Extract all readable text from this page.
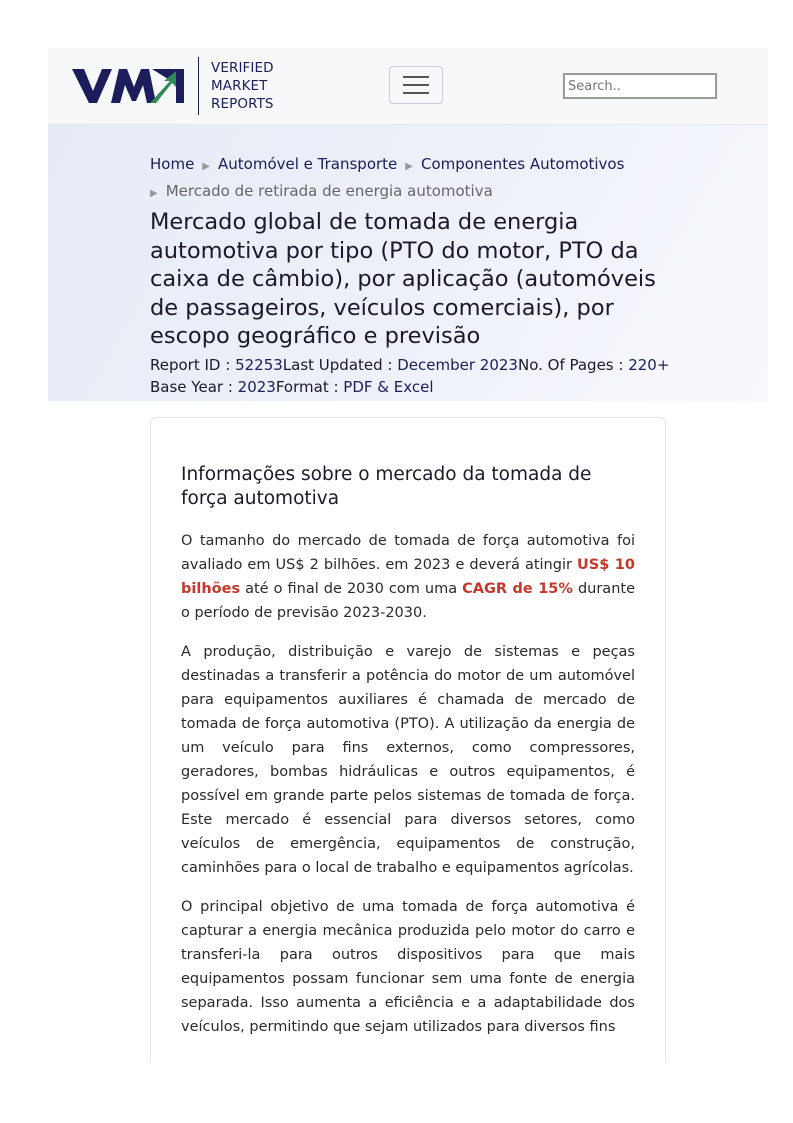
VERIFIED
MARKET
REPORTS
Search..
Home ▶ Automóvel e Transporte ▶ Componentes Automotivos
▶ Mercado de retirada de energia automotiva
Mercado global de tomada de energia automotiva por tipo (PTO do motor, PTO da caixa de câmbio), por aplicação (automóveis de passageiros, veículos comerciais), por escopo geográfico e previsão
Report ID : 52253Last Updated : December 2023No. Of Pages : 220+
Base Year : 2023Format : PDF & Excel
Informações sobre o mercado da tomada de força automotiva

O tamanho do mercado de tomada de força automotiva foi avaliado em US$ 2 bilhões. em 2023 e deverá atingir US$ 10 bilhões até o final de 2030 com uma CAGR de 15% durante o período de previsão 2023-2030.

A produção, distribuição e varejo de sistemas e peças destinadas a transferir a potência do motor de um automóvel para equipamentos auxiliares é chamada de mercado de tomada de força automotiva (PTO). A utilização da energia de um veículo para fins externos, como compressores, geradores, bombas hidráulicas e outros equipamentos, é possível em grande parte pelos sistemas de tomada de força. Este mercado é essencial para diversos setores, como veículos de emergência, equipamentos de construção, caminhões para o local de trabalho e equipamentos agrícolas.

O principal objetivo de uma tomada de força automotiva é capturar a energia mecânica produzida pelo motor do carro e transferi-la para outros dispositivos para que mais equipamentos possam funcionar sem uma fonte de energia separada. Isso aumenta a eficiência e a adaptabilidade dos veículos, permitindo que sejam utilizados para diversos fins
